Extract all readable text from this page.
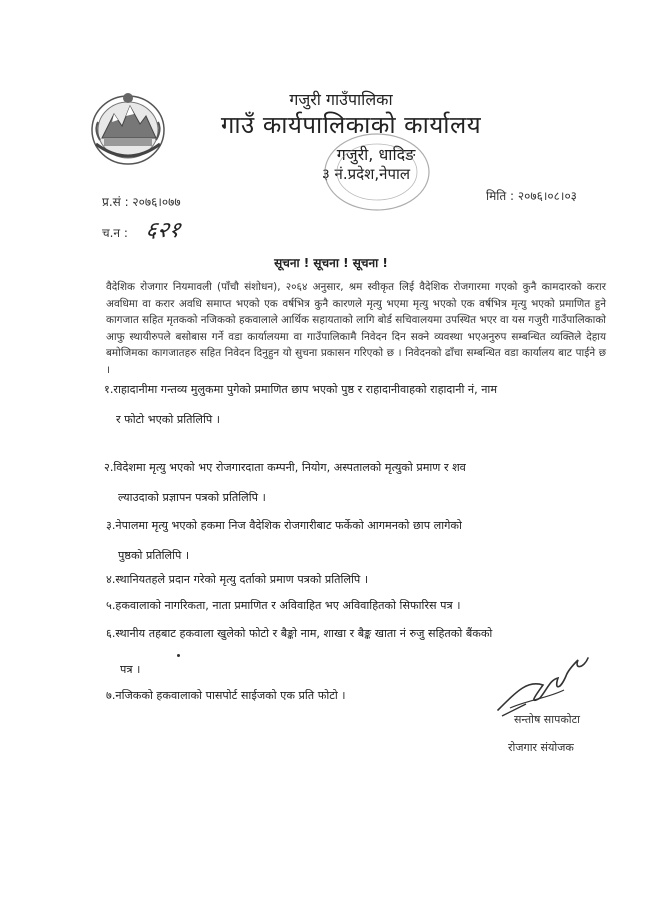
गजुरी गाउँपालिका
गाउँ कार्यपालिकाको कार्यालय
गजुरी, धादिङ
३ नं.प्रदेश,नेपाल
प्र.सं : २०७६।०७७	मिति : २०७६।०८।०३
च.न : ६२१
सूचना ! सूचना ! सूचना !
वैदेशिक रोजगार नियमावली (पाँचौ संशोधन), २०६४ अनुसार, श्रम स्वीकृत लिई वैदेशिक रोजगारमा गएको कुनै कामदारको करार अवधिमा वा करार अवधि समाप्त भएको एक वर्षभित्र कुनै कारणले मृत्यु भएमा मृत्यु भएको एक वर्षभित्र मृत्यु भएको प्रमाणित हुने कागजात सहित मृतकको नजिकको हकवालाले आर्थिक सहायताको लागि बोर्ड सचिवालयमा उपस्थित भएर वा यस गजुरी गाउँपालिकाको आफु स्थायीरुपले बसोबास गर्ने वडा कार्यालयमा वा गाउँपालिकामै निवेदन दिन सक्ने व्यवस्था भएअनुरुप सम्बन्धित व्यक्तिले देहाय बमोजिमका कागजातहरु सहित निवेदन दिनुहुन यो सुचना प्रकासन गरिएको छ । निवेदनको ढाँचा सम्बन्धित वडा कार्यालय बाट पाईने छ ।
१.राहादानीमा गन्तव्य मुलुकमा पुगेको प्रमाणित छाप भएको पुष्ठ र राहादानीवाहको राहादानी नं, नाम
र फोटो भएको प्रतिलिपि ।
२.विदेशमा मृत्यु भएको भए रोजगारदाता कम्पनी, नियोग, अस्पतालको मृत्युको प्रमाण र शव
ल्याउदाको प्रज्ञापन पत्रको प्रतिलिपि ।
३.नेपालमा मृत्यु भएको हकमा निज वैदेशिक रोजगारीबाट फर्केको आगमनको छाप लागेको
पुष्ठको प्रतिलिपि ।
४.स्थानियतहले प्रदान गरेको मृत्यु दर्ताको प्रमाण पत्रको प्रतिलिपि ।
५.हकवालाको नागरिकता, नाता प्रमाणित र अविवाहित भए अविवाहितको सिफारिस पत्र ।
६.स्थानीय तहबाट हकवाला खुलेको फोटो र बैङ्को नाम, शाखा र बैङ्क खाता नं रुजु सहितको बैंकको
पत्र ।
७.नजिकको हकवालाको पासपोर्ट साईजको एक प्रति फोटो ।
सन्तोष सापकोटा
रोजगार संयोजक
